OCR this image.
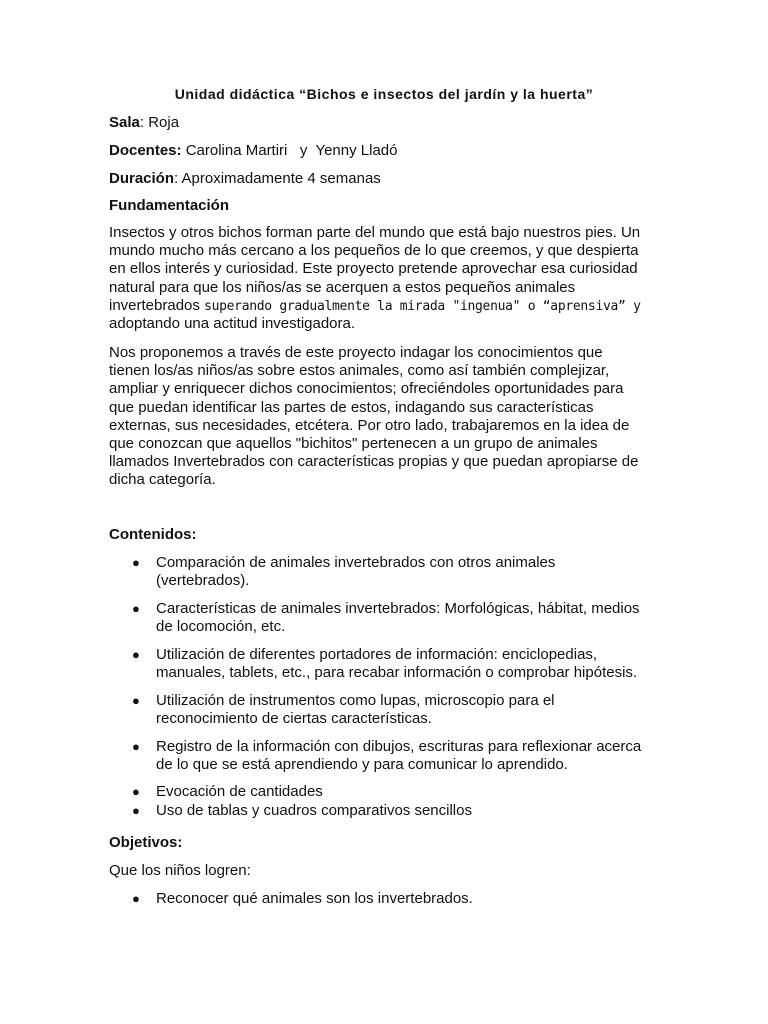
Unidad didáctica “Bichos e insectos del jardín y la huerta”
Sala: Roja
Docentes: Carolina Martiri   y  Yenny Lladó
Duración: Aproximadamente 4 semanas
Fundamentación
Insectos y otros bichos forman parte del mundo que está bajo nuestros pies. Un
mundo mucho más cercano a los pequeños de lo que creemos, y que despierta
en ellos interés y curiosidad. Este proyecto pretende aprovechar esa curiosidad
natural para que los niños/as se acerquen a estos pequeños animales
invertebrados superando gradualmente la mirada "ingenua" o “aprensiva” y
adoptando una actitud investigadora.
Nos proponemos a través de este proyecto indagar los conocimientos que
tienen los/as niños/as sobre estos animales, como así también complejizar,
ampliar y enriquecer dichos conocimientos; ofreciéndoles oportunidades para
que puedan identificar las partes de estos, indagando sus características
externas, sus necesidades, etcétera. Por otro lado, trabajaremos en la idea de
que conozcan que aquellos "bichitos" pertenecen a un grupo de animales
llamados Invertebrados con características propias y que puedan apropiarse de
dicha categoría.
Contenidos:
● Comparación de animales invertebrados con otros animales
(vertebrados).
● Características de animales invertebrados: Morfológicas, hábitat, medios
de locomoción, etc.
● Utilización de diferentes portadores de información: enciclopedias,
manuales, tablets, etc., para recabar información o comprobar hipótesis.
● Utilización de instrumentos como lupas, microscopio para el
reconocimiento de ciertas características.
● Registro de la información con dibujos, escrituras para reflexionar acerca
de lo que se está aprendiendo y para comunicar lo aprendido.
● Evocación de cantidades
● Uso de tablas y cuadros comparativos sencillos
Objetivos:
Que los niños logren:
● Reconocer qué animales son los invertebrados.
